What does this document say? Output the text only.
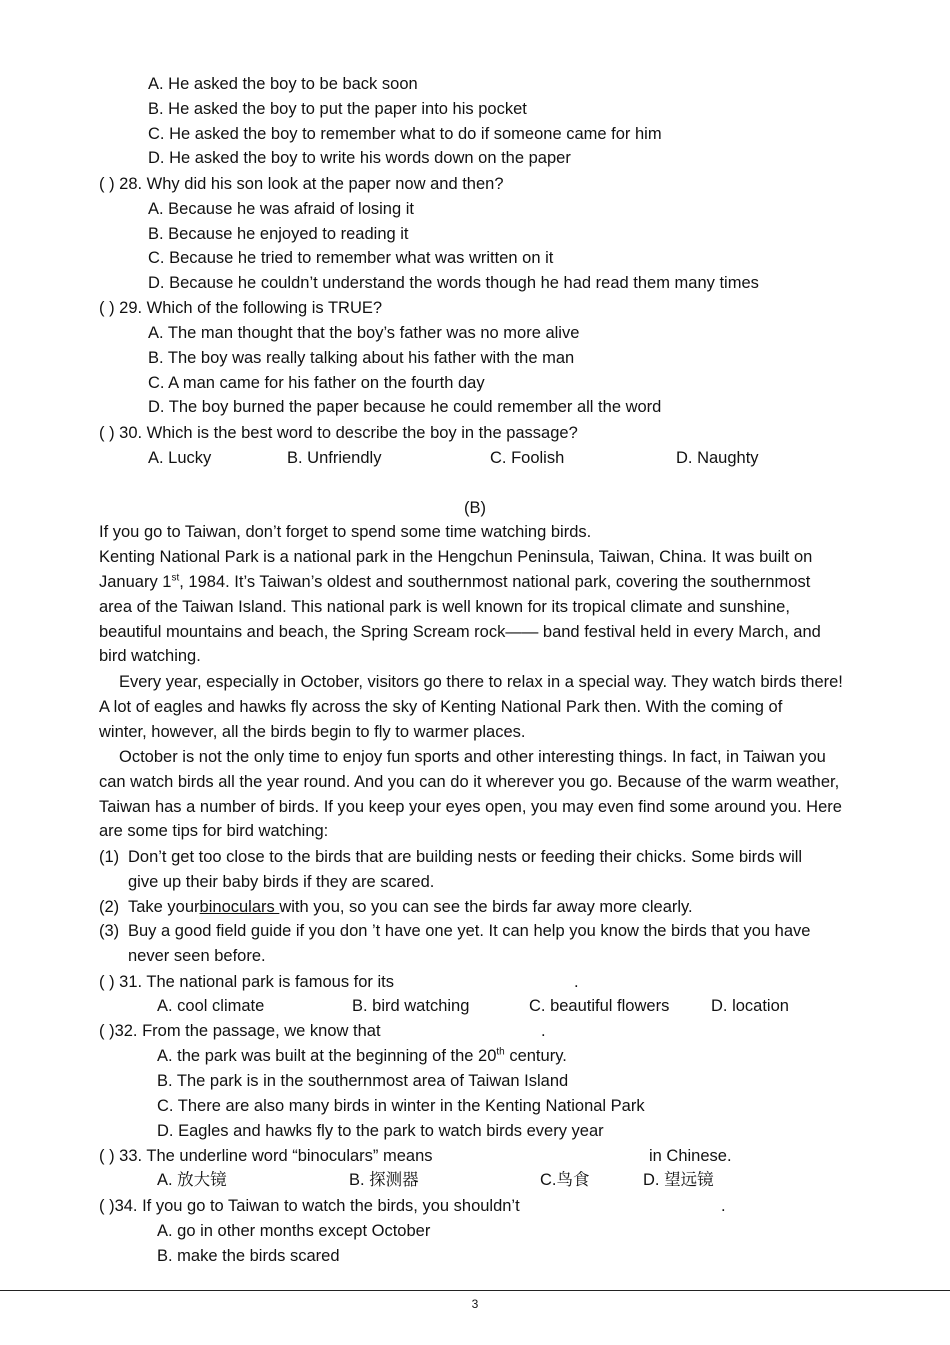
A. He asked the boy to be back soon
B. He asked the boy to put the paper into his pocket
C. He asked the boy to remember what to do if someone came for him
D. He asked the boy to write his words down on the paper
( ) 28. Why did his son look at the paper now and then?
A. Because he was afraid of losing it
B. Because he enjoyed to reading it
C. Because he tried to remember what was written on it
D. Because he couldn’t understand the words though he had read them many times
( ) 29. Which of the following is TRUE?
A. The man thought that the boy’s father was no more alive
B. The boy was really talking about his father with the man
C. A man came for his father on the fourth day
D. The boy burned the paper because he could remember all the word
( ) 30. Which is the best word to describe the boy in the passage?
A. Lucky	B. Unfriendly	C. Foolish	D. Naughty
(B)
If you go to Taiwan, don’t forget to spend some time watching birds.
Kenting National Park is a national park in the Hengchun Peninsula, Taiwan, China. It was built on
January 1st, 1984. It’s Taiwan’s oldest and southernmost national park, covering the southernmost
area of the Taiwan Island. This national park is well known for its tropical climate and sunshine,
beautiful mountains and beach, the Spring Scream rock—— band festival held in every March, and
bird watching.
Every year, especially in October, visitors go there to relax in a special way. They watch birds there!
A lot of eagles and hawks fly across the sky of Kenting National Park then. With the coming of
winter, however, all the birds begin to fly to warmer places.
October is not the only time to enjoy fun sports and other interesting things. In fact, in Taiwan you
can watch birds all the year round. And you can do it wherever you go. Because of the warm weather,
Taiwan has a number of birds. If you keep your eyes open, you may even find some around you. Here
are some tips for bird watching:
(1) Don’t get too close to the birds that are building nests or feeding their chicks. Some birds will
give up their baby birds if they are scared.
(2) Take yourbinoculars with you, so you can see the birds far away more clearly.
(3) Buy a good field guide if you don ’t have one yet. It can help you know the birds that you have
never seen before.
( ) 31. The national park is famous for its	.
A. cool climate	B. bird watching	C. beautiful flowers	D. location
( )32. From the passage, we know that	.
A. the park was built at the beginning of the 20th century.
B. The park is in the southernmost area of Taiwan Island
C. There are also many birds in winter in the Kenting National Park
D. Eagles and hawks fly to the park to watch birds every year
( ) 33. The underline word “binoculars” means	in Chinese.
A. 放大镜	B. 探测器	C.鸟食	D. 望远镜
( )34. If you go to Taiwan to watch the birds, you shouldn’t	.
A. go in other months except October
B. make the birds scared
3
